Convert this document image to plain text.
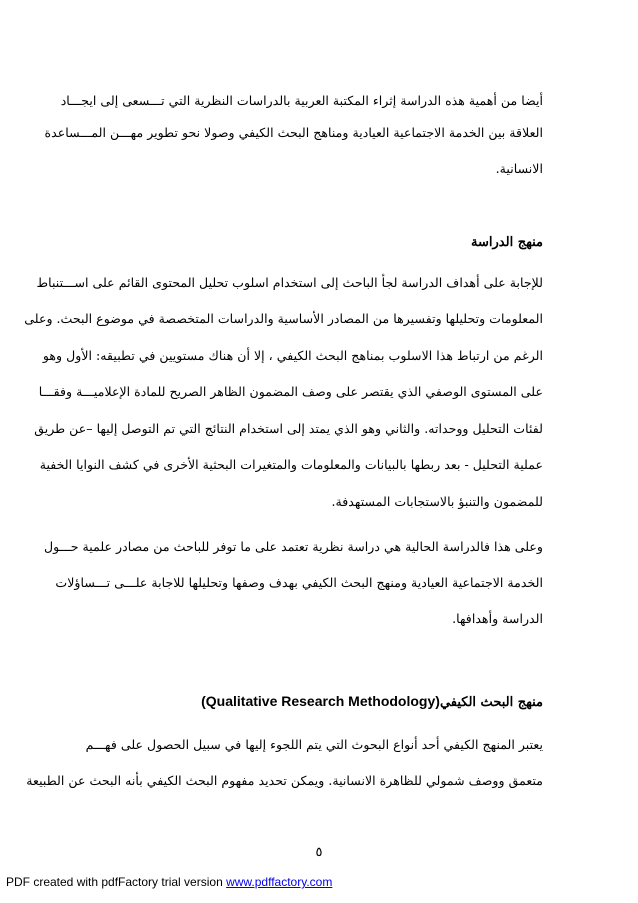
أيضا من أهمية هذه الدراسة إثراء المكتبة العربية بالدراسات النظرية التي تـــسعى إلى ايجـــاد
العلاقة بين الخدمة الاجتماعية العيادية ومناهج البحث الكيفي وصولا نحو تطوير مهـــن المـــساعدة
الانسانية.
منهج الدراسة
للإجابة على أهداف الدراسة لجأ الباحث إلى استخدام اسلوب تحليل المحتوى القائم على اســـتنباط
المعلومات وتحليلها وتفسيرها من المصادر الأساسية والدراسات المتخصصة في موضوع البحث. وعلى
الرغم من ارتباط هذا الاسلوب بمناهج البحث الكيفي ، إلا أن هناك مستويين في تطبيقه: الأول وهو
على المستوى الوصفي الذي يقتصر على وصف المضمون الظاهر الصريح للمادة الإعلاميـــة وفقـــا
لفئات التحليل ووحداته. والثاني وهو الذي يمتد إلى استخدام النتائج التي تم التوصل إليها –عن طريق
عملية التحليل - بعد ربطها بالبيانات والمعلومات والمتغيرات البحثية الأخرى في كشف النوايا الخفية
للمضمون والتنبؤ بالاستجابات المستهدفة.
وعلى هذا فالدراسة الحالية هي دراسة نظرية تعتمد على ما توفر للباحث من مصادر علمية حـــول
الخدمة الاجتماعية العيادية ومنهج البحث الكيفي بهدف وصفها وتحليلها للاجابة علـــى تـــساؤلات
الدراسة وأهدافها.
منهج البحث الكيفي(Qualitative Research Methodology)
يعتبر المنهج الكيفي أحد أنواع البحوث التي يتم اللجوء إليها في سبيل الحصول على فهـــم
متعمق ووصف شمولي للظاهرة الانسانية. ويمكن تحديد مفهوم البحث الكيفي بأنه البحث عن الطبيعة
٥
PDF created with pdfFactory trial version www.pdffactory.com
